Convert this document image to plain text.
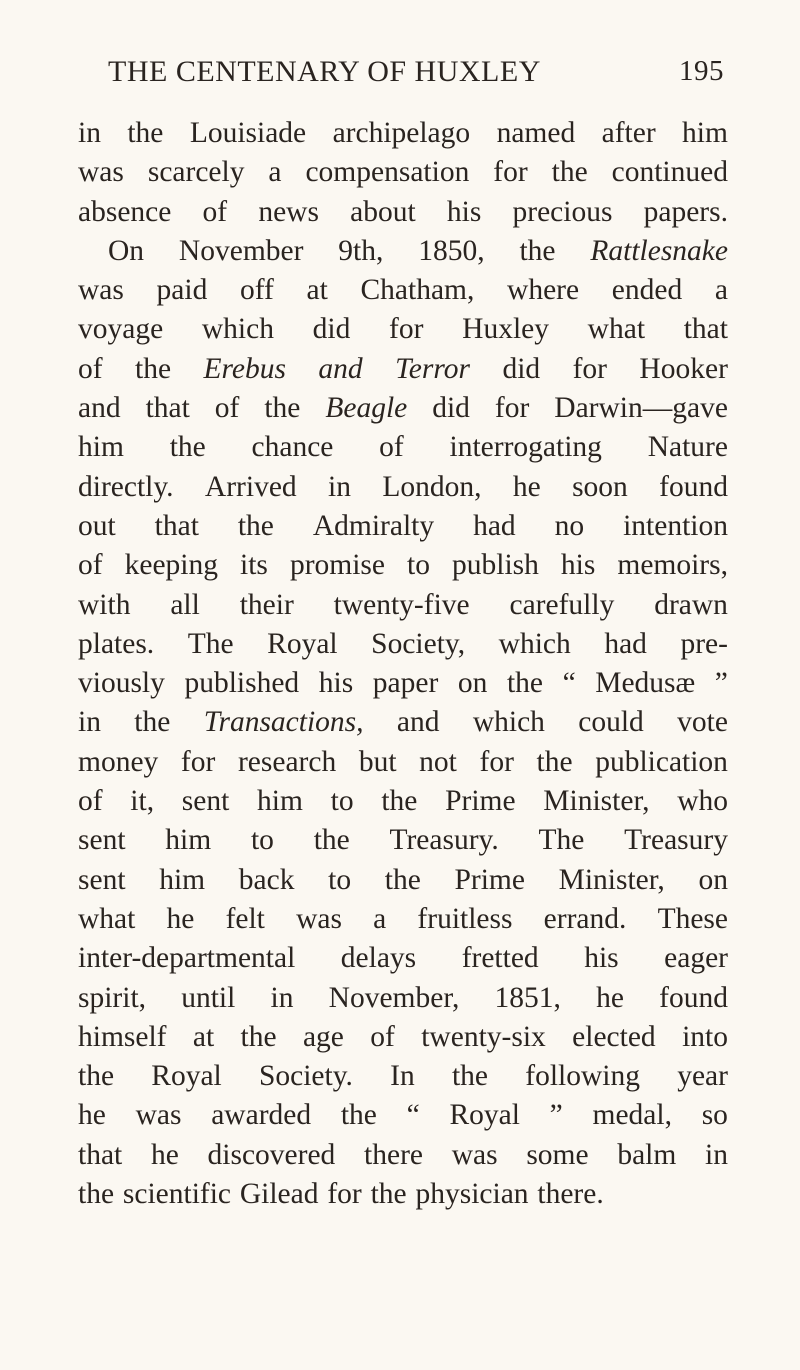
THE CENTENARY OF HUXLEY	195
in the Louisiade archipelago named after him
was scarcely a compensation for the continued
absence of news about his precious papers.
On November 9th, 1850, the Rattlesnake
was paid off at Chatham, where ended a
voyage which did for Huxley what that
of the Erebus and Terror did for Hooker
and that of the Beagle did for Darwin—gave
him the chance of interrogating Nature
directly. Arrived in London, he soon found
out that the Admiralty had no intention
of keeping its promise to publish his memoirs,
with all their twenty-five carefully drawn
plates. The Royal Society, which had pre-
viously published his paper on the “ Medusæ ”
in the Transactions, and which could vote
money for research but not for the publication
of it, sent him to the Prime Minister, who
sent him to the Treasury. The Treasury
sent him back to the Prime Minister, on
what he felt was a fruitless errand. These
inter-departmental delays fretted his eager
spirit, until in November, 1851, he found
himself at the age of twenty-six elected into
the Royal Society. In the following year
he was awarded the “ Royal ” medal, so
that he discovered there was some balm in
the scientific Gilead for the physician there.
